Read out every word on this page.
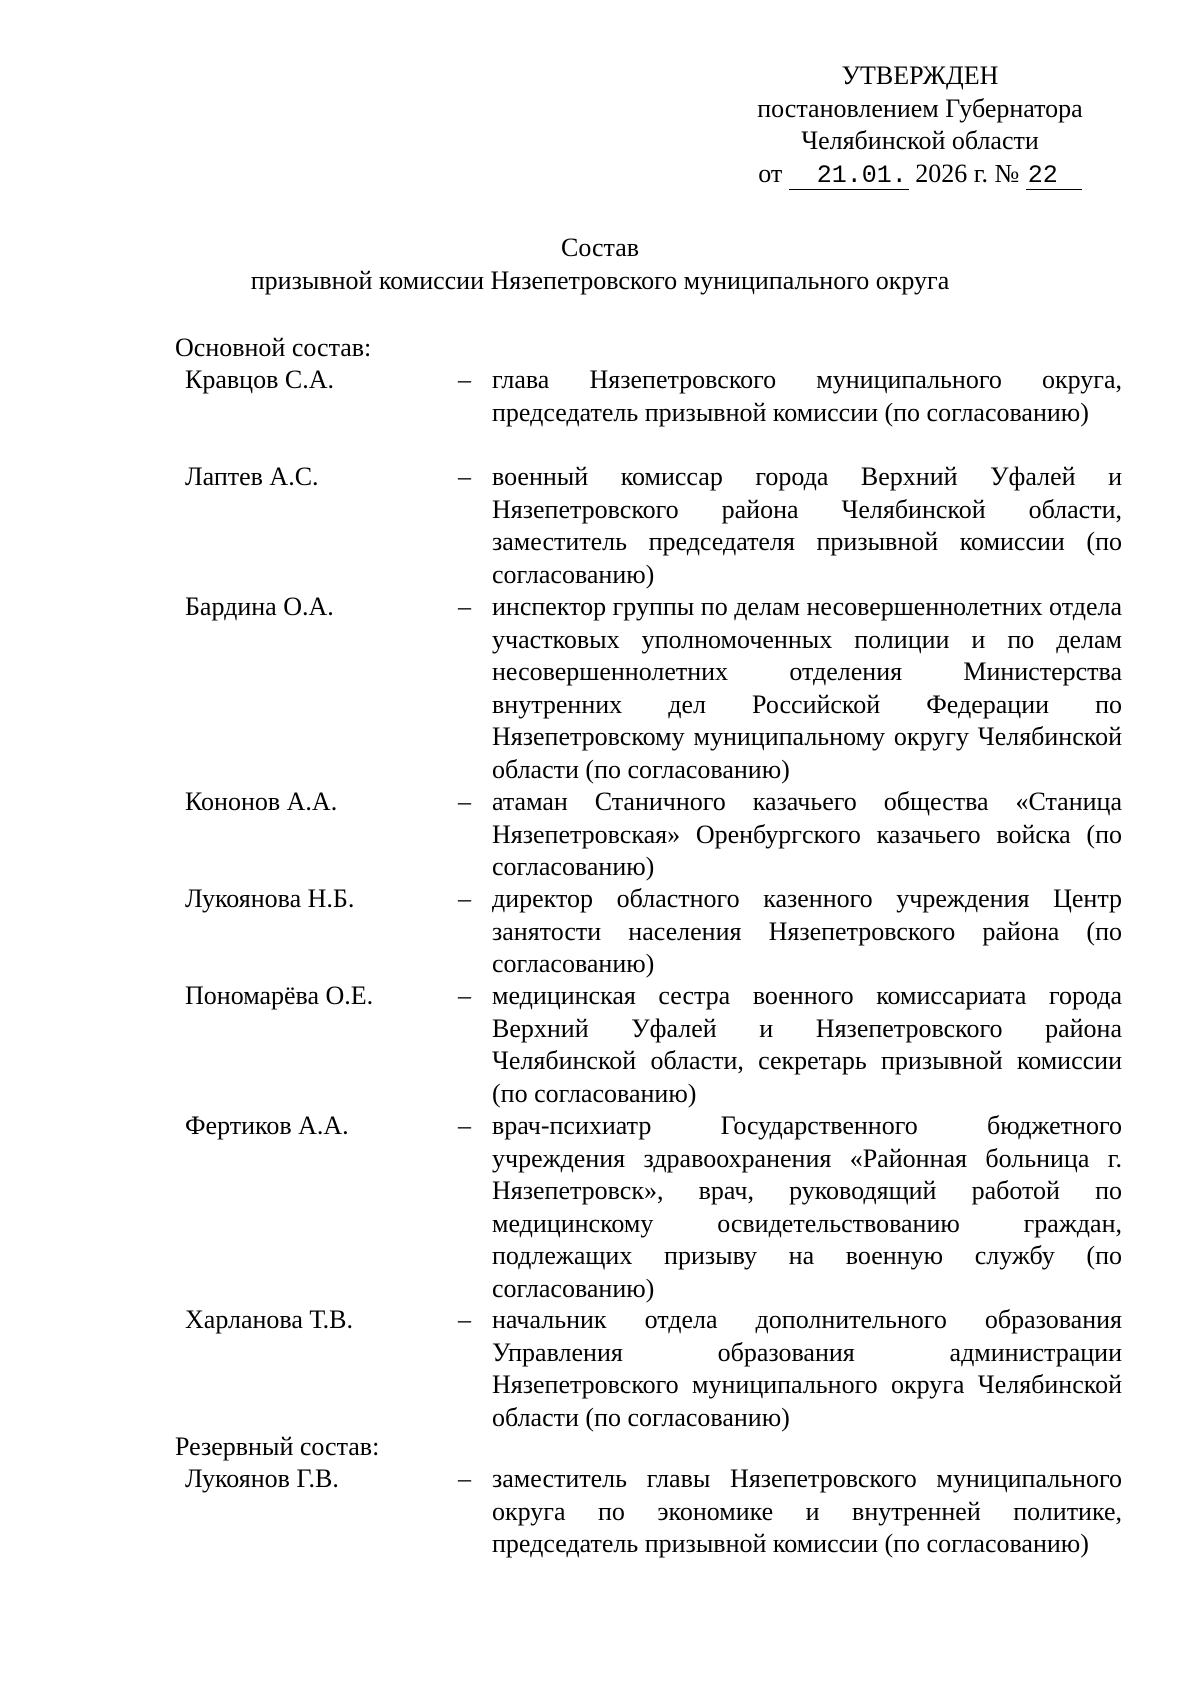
УТВЕРЖДЕН
постановлением Губернатора
Челябинской области
от 21.01. 2026 г. № 22
Состав
призывной комиссии Нязепетровского муниципального округа
Основной состав:
Кравцов С.А.	– глава Нязепетровского муниципального округа, председатель призывной комиссии (по согласованию)
Лаптев А.С.	– военный комиссар города Верхний Уфалей и Нязепетровского района Челябинской области, заместитель председателя призывной комиссии (по согласованию)
Бардина О.А.	– инспектор группы по делам несовершеннолетних отдела участковых уполномоченных полиции и по делам несовершеннолетних отделения Министерства внутренних дел Российской Федерации по Нязепетровскому муниципальному округу Челябинской области (по согласованию)
Кононов А.А.	– атаман Станичного казачьего общества «Станица Нязепетровская» Оренбургского казачьего войска (по согласованию)
Лукоянова Н.Б.	– директор областного казенного учреждения Центр занятости населения Нязепетровского района (по согласованию)
Пономарёва О.Е.	– медицинская сестра военного комиссариата города Верхний Уфалей и Нязепетровского района Челябинской области, секретарь призывной комиссии (по согласованию)
Фертиков А.А.	– врач-психиатр Государственного бюджетного учреждения здравоохранения «Районная больница г. Нязепетровск», врач, руководящий работой по медицинскому освидетельствованию граждан, подлежащих призыву на военную службу (по согласованию)
Харланова Т.В.	– начальник отдела дополнительного образования Управления образования администрации Нязепетровского муниципального округа Челябинской области (по согласованию)
Резервный состав:
Лукоянов Г.В.	– заместитель главы Нязепетровского муниципального округа по экономике и внутренней политике, председатель призывной комиссии (по согласованию)
